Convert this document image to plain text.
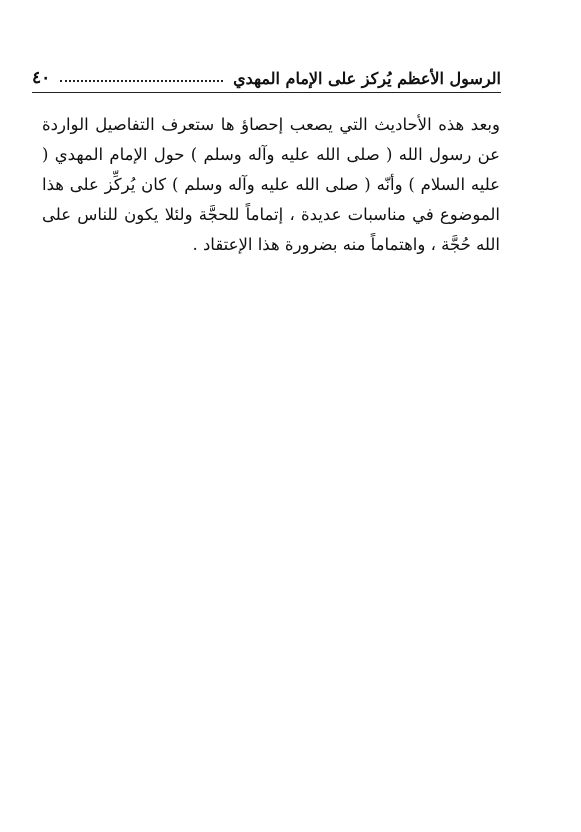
الرسول الأعظم يُركز على الإمام المهدي
٤٠

وبعد هذه الأحاديث التي يصعب إحصاؤ ها ستعرف التفاصيل الواردة عن رسول الله ( صلى الله عليه وآله وسلم ) حول الإمام المهدي ( عليه السلام ) وأنّه ( صلى الله عليه وآله وسلم ) كان يُركِّز على هذا الموضوع في مناسبات عديدة ، إتماماً للحجَّة ولئلا يكون للناس على الله حُجَّة ، واهتماماً منه بضرورة هذا الإعتقاد .
